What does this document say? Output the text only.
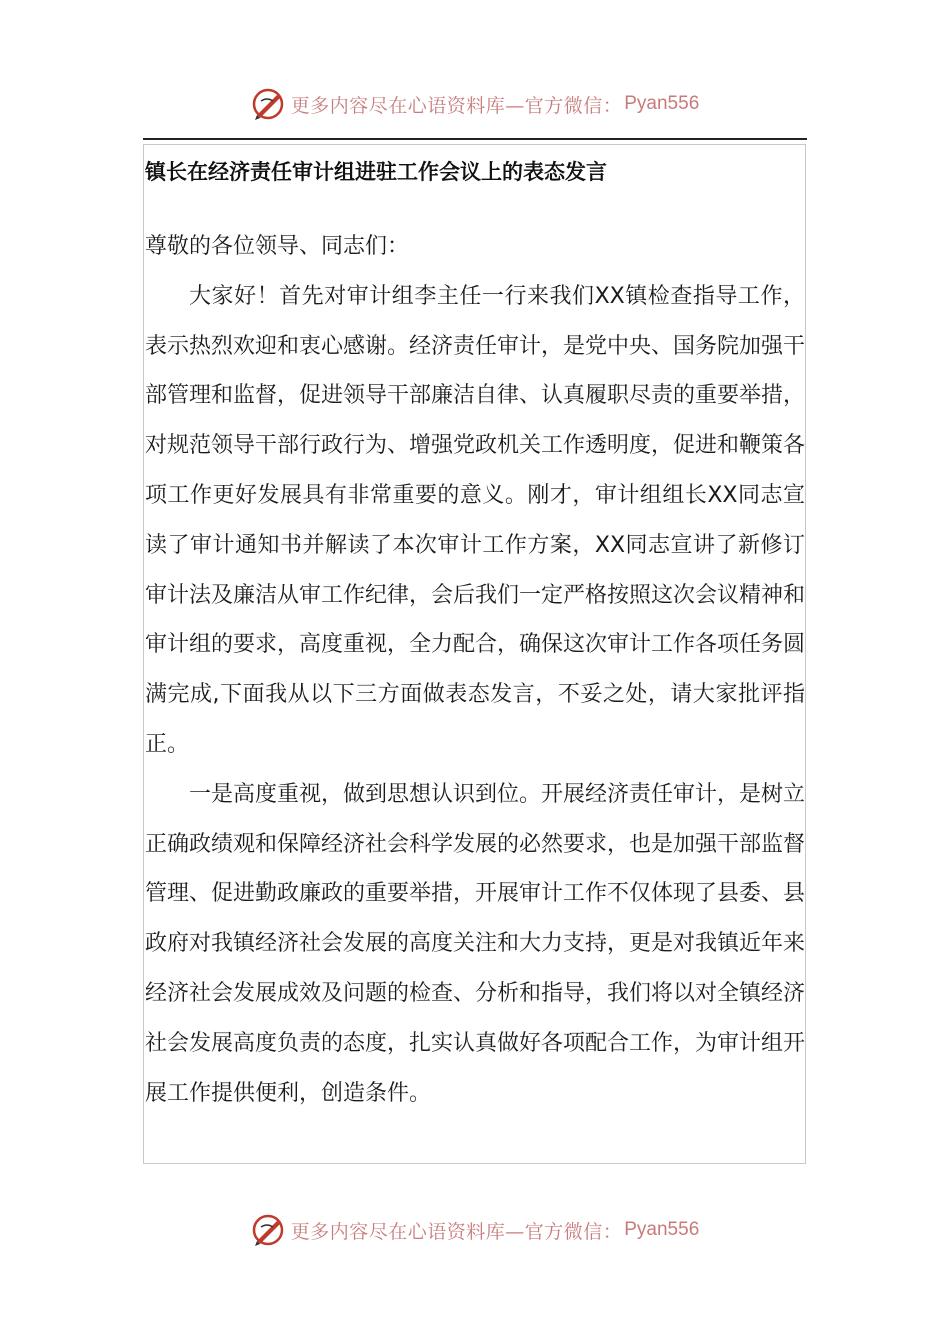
更多内容尽在心语资料库—官方微信： Pyan556
镇长在经济责任审计组进驻工作会议上的表态发言

尊敬的各位领导、同志们：

大家好！首先对审计组李主任一行来我们XX镇检查指导工作，表示热烈欢迎和衷心感谢。经济责任审计，是党中央、国务院加强干部管理和监督，促进领导干部廉洁自律、认真履职尽责的重要举措，对规范领导干部行政行为、增强党政机关工作透明度，促进和鞭策各项工作更好发展具有非常重要的意义。刚才，审计组组长XX同志宣读了审计通知书并解读了本次审计工作方案，XX同志宣讲了新修订审计法及廉洁从审工作纪律，会后我们一定严格按照这次会议精神和审计组的要求，高度重视，全力配合，确保这次审计工作各项任务圆满完成,下面我从以下三方面做表态发言，不妥之处，请大家批评指正。

一是高度重视，做到思想认识到位。开展经济责任审计，是树立正确政绩观和保障经济社会科学发展的必然要求，也是加强干部监督管理、促进勤政廉政的重要举措，开展审计工作不仅体现了县委、县政府对我镇经济社会发展的高度关注和大力支持，更是对我镇近年来经济社会发展成效及问题的检查、分析和指导，我们将以对全镇经济社会发展高度负责的态度，扎实认真做好各项配合工作，为审计组开展工作提供便利，创造条件。

更多内容尽在心语资料库—官方微信： Pyan556
